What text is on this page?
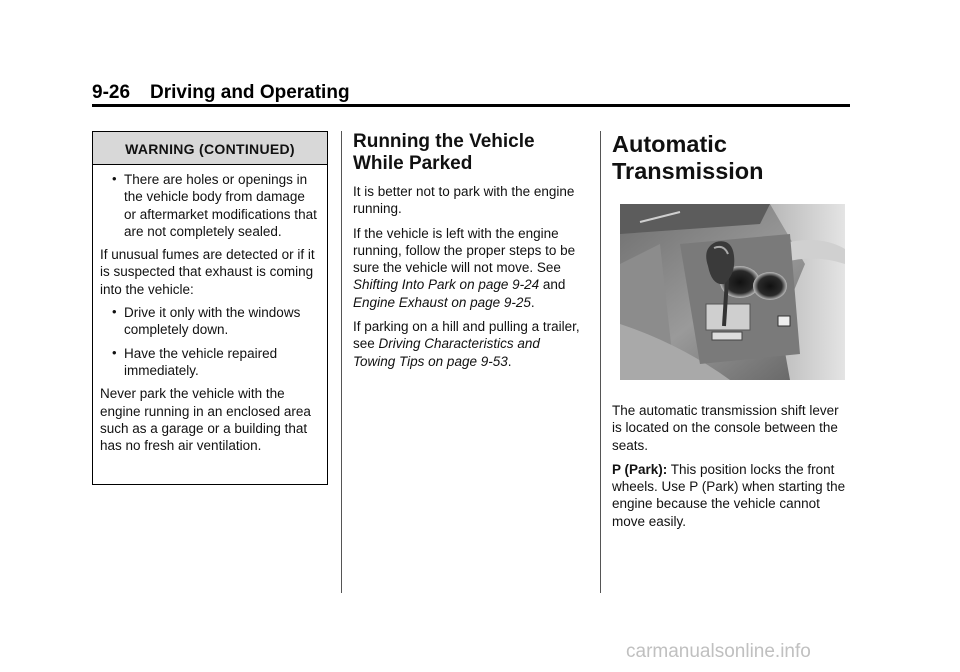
9-26 Driving and Operating
WARNING (CONTINUED)
• There are holes or openings in the vehicle body from damage or aftermarket modifications that are not completely sealed.

If unusual fumes are detected or if it is suspected that exhaust is coming into the vehicle:

• Drive it only with the windows completely down.
• Have the vehicle repaired immediately.

Never park the vehicle with the engine running in an enclosed area such as a garage or a building that has no fresh air ventilation.

Running the Vehicle
While Parked

It is better not to park with the engine running.

If the vehicle is left with the engine running, follow the proper steps to be sure the vehicle will not move. See Shifting Into Park on page 9-24 and Engine Exhaust on page 9-25.

If parking on a hill and pulling a trailer, see Driving Characteristics and Towing Tips on page 9-53.

Automatic
Transmission

The automatic transmission shift lever is located on the console between the seats.

P (Park): This position locks the front wheels. Use P (Park) when starting the engine because the vehicle cannot move easily.

carmanualsonline.info
